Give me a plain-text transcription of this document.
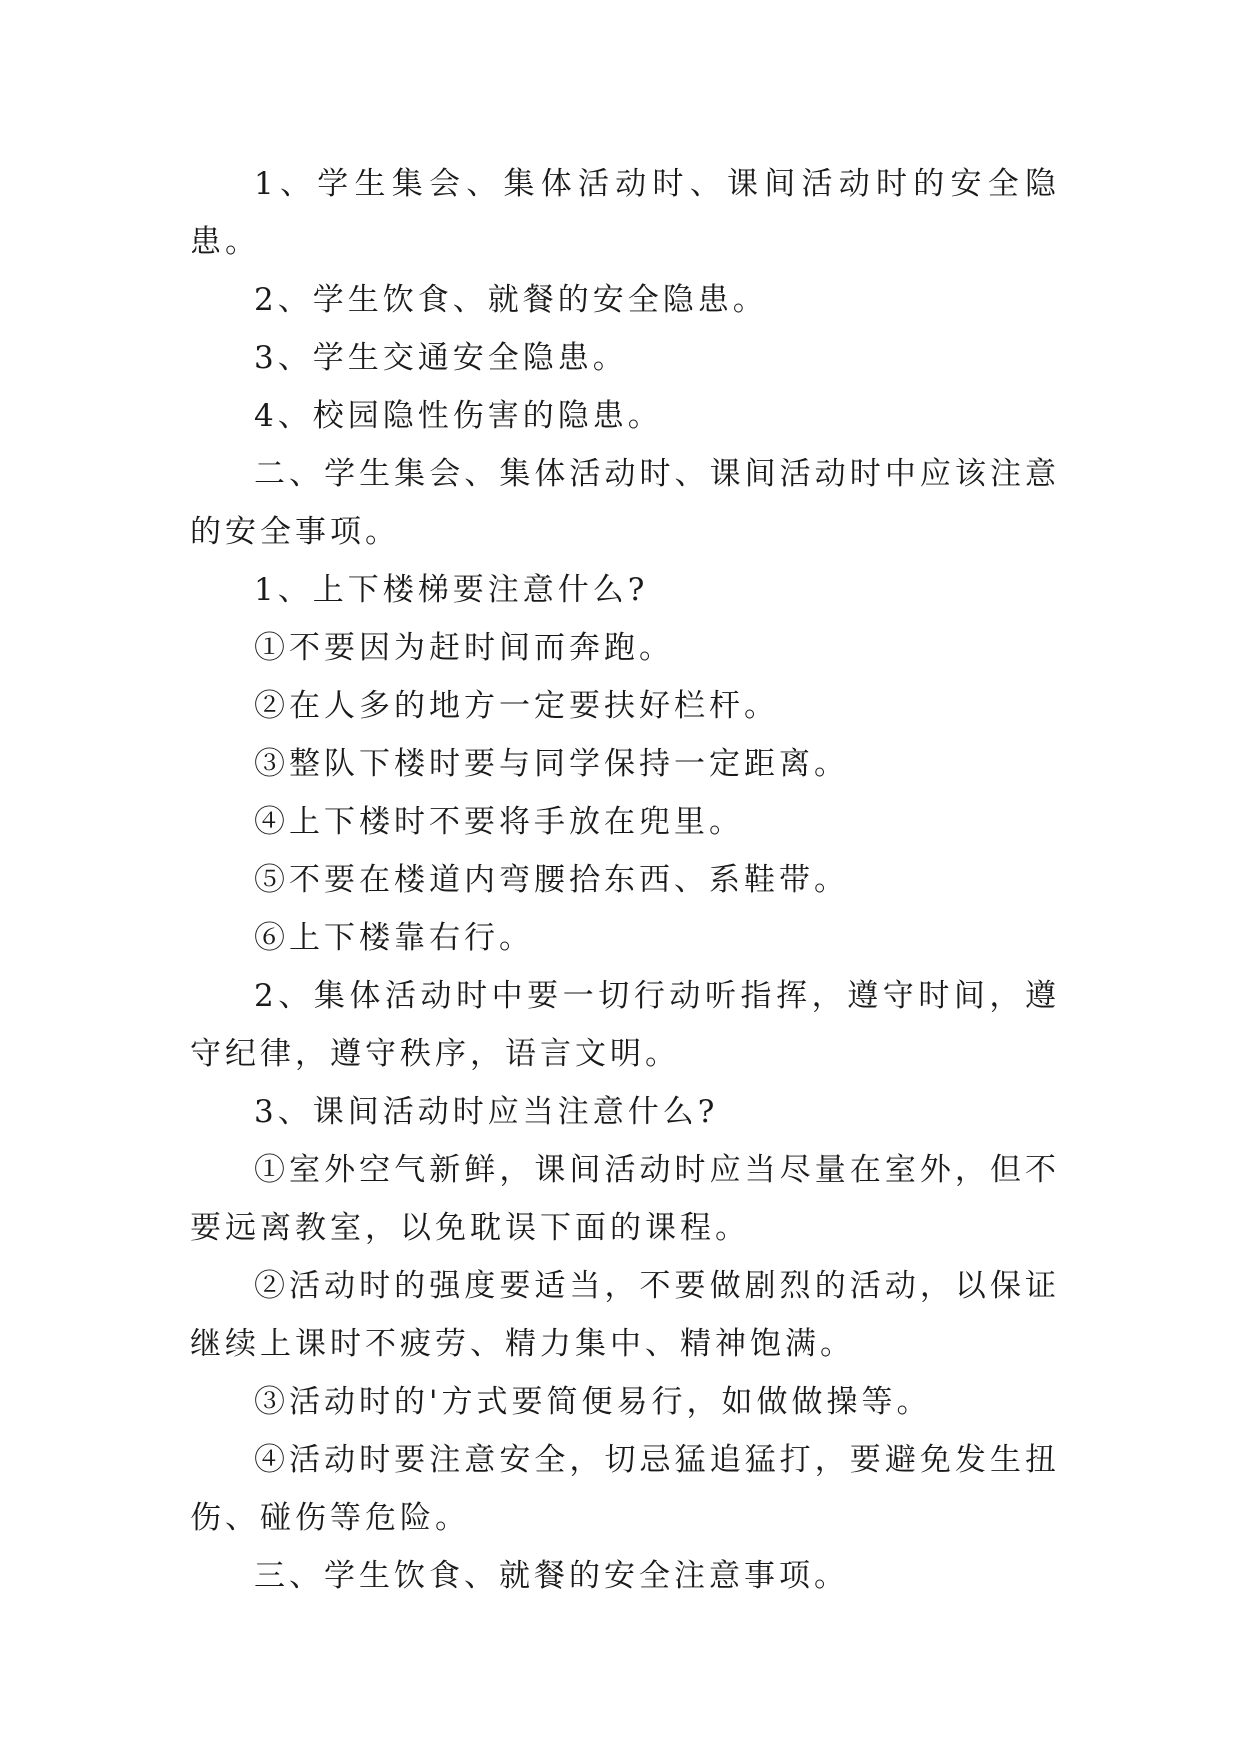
1、学生集会、集体活动时、课间活动时的安全隐患。

2、学生饮食、就餐的安全隐患。

3、学生交通安全隐患。

4、校园隐性伤害的隐患。

二、学生集会、集体活动时、课间活动时中应该注意的安全事项。

1、上下楼梯要注意什么?

①不要因为赶时间而奔跑。

②在人多的地方一定要扶好栏杆。

③整队下楼时要与同学保持一定距离。

④上下楼时不要将手放在兜里。

⑤不要在楼道内弯腰拾东西、系鞋带。

⑥上下楼靠右行。

2、集体活动时中要一切行动听指挥，遵守时间，遵守纪律，遵守秩序，语言文明。

3、课间活动时应当注意什么?

①室外空气新鲜，课间活动时应当尽量在室外，但不要远离教室，以免耽误下面的课程。

②活动时的强度要适当，不要做剧烈的活动，以保证继续上课时不疲劳、精力集中、精神饱满。

③活动时的'方式要简便易行，如做做操等。

④活动时要注意安全，切忌猛追猛打，要避免发生扭伤、碰伤等危险。

三、学生饮食、就餐的安全注意事项。
